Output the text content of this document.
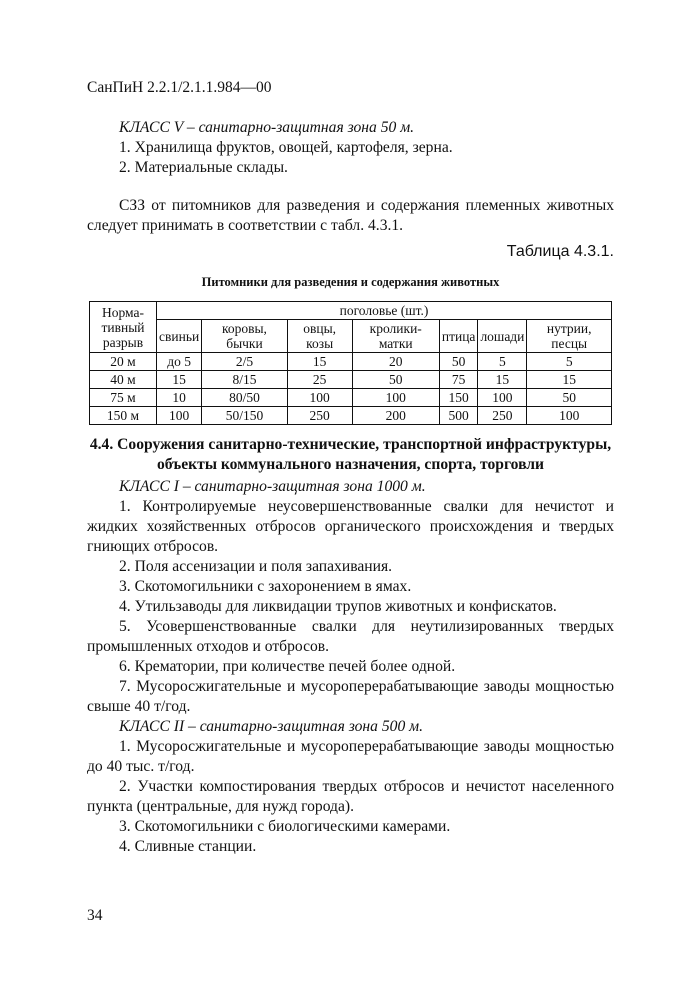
СанПиН 2.2.1/2.1.1.984—00

КЛАСС V – санитарно-защитная зона 50 м.

1. Хранилища фруктов, овощей, картофеля, зерна.

2. Материальные склады.

СЗЗ от питомников для разведения и содержания племенных животных следует принимать в соответствии с табл. 4.3.1.

Таблица 4.3.1.
Питомники для разведения и содержания животных
Норма-тивный разрыв	поголовье (шт.)						
	свиньи	коровы, бычки	овцы, козы	кролики-матки	птица	лошади	нутрии, песцы
20 м	до 5	2/5	15	20	50	5	5
40 м	15	8/15	25	50	75	15	15
75 м	10	80/50	100	100	150	100	50
150 м	100	50/150	250	200	500	250	100
4.4. Сооружения санитарно-технические, транспортной инфраструктуры, объекты коммунального назначения, спорта, торговли

КЛАСС I – санитарно-защитная зона 1000 м.

1. Контролируемые неусовершенствованные свалки для нечистот и жидких хозяйственных отбросов органического происхождения и твердых гниющих отбросов.

2. Поля ассенизации и поля запахивания.

3. Скотомогильники с захоронением в ямах.

4. Утильзаводы для ликвидации трупов животных и конфискатов.

5. Усовершенствованные свалки для неутилизированных твердых промышленных отходов и отбросов.

6. Крематории, при количестве печей более одной.

7. Мусоросжигательные и мусороперерабатывающие заводы мощностью свыше 40 т/год.

КЛАСС II – санитарно-защитная зона 500 м.

1. Мусоросжигательные и мусороперерабатывающие заводы мощностью до 40 тыс. т/год.

2. Участки компостирования твердых отбросов и нечистот населенного пункта (центральные, для нужд города).

3. Скотомогильники с биологическими камерами.

4. Сливные станции.

34
